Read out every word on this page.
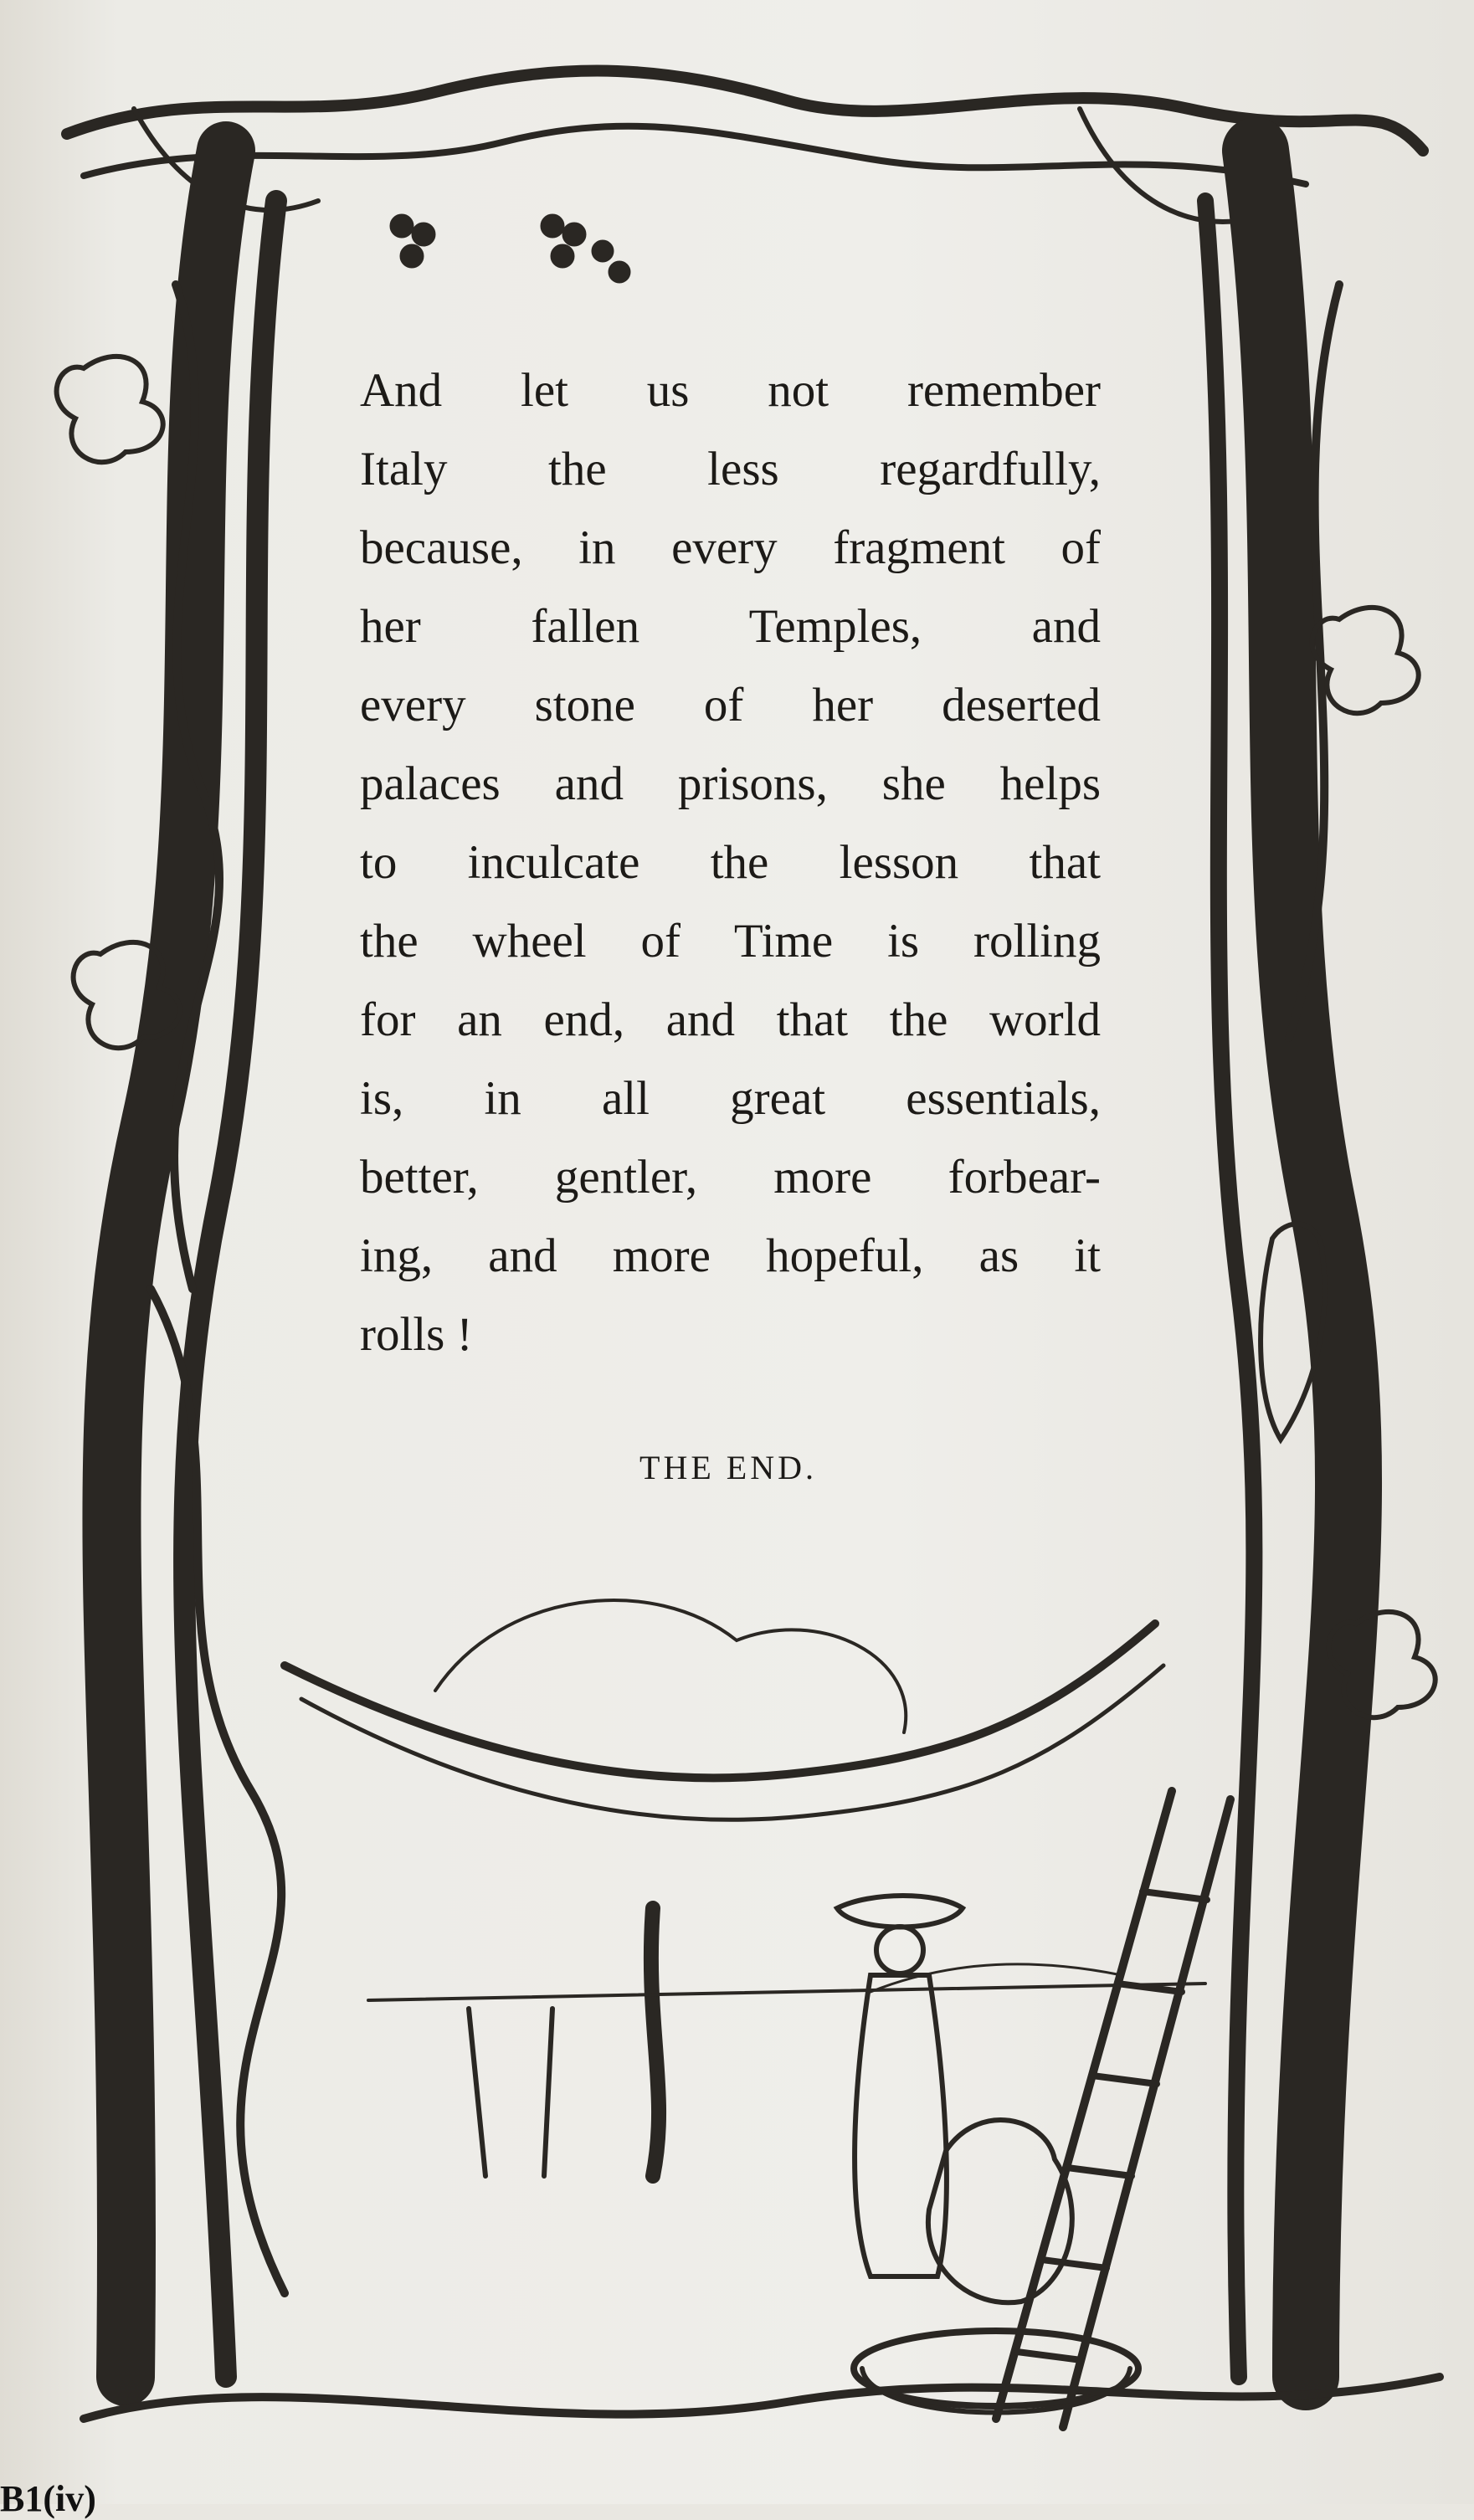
And let us not remember
Italy the less regardfully,
because, in every fragment of
her fallen Temples, and
every stone of her deserted
palaces and prisons, she helps
to inculcate the lesson that
the wheel of Time is rolling
for an end, and that the world
is, in all great essentials,
better, gentler, more forbear-
ing, and more hopeful, as it
rolls !
THE END.
B1(iv)
